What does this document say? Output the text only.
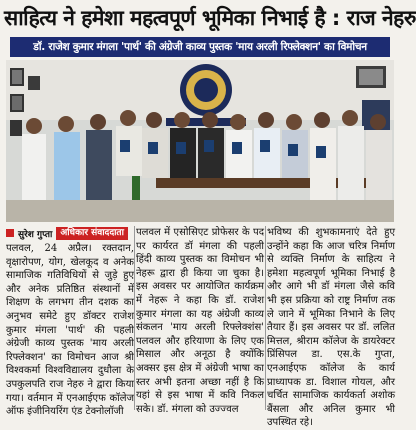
साहित्य ने हमेशा महत्वपूर्ण भूमिका निभाई है : राज नेहरु
डॉ. राजेश कुमार मंगला 'पार्थ' की अंग्रेजी काव्य पुस्तक 'माय अरली रिफ्लेक्शन' का विमोचन
सुरेश गुप्ता अधिकार संवाददाता

पलवल, 24 अप्रैल। रक्तदान, वृक्षारोपण, योग, खेलकूद व अनेक सामाजिक गतिविधियों से जुड़े हुए और अनेक प्रतिष्ठित संस्थानों में शिक्षण के लगभग तीन दशक का अनुभव समेटे हुए डॉक्टर राजेश कुमार मंगला 'पार्थ' की पहली अंग्रेजी काव्य पुस्तक 'माय अरली रिफ्लेक्शन' का विमोचन आज श्री विश्वकर्मा विश्वविद्यालय दुधौला के उपकुलपति राज नेहरु ने द्वारा किया गया। वर्तमान में एनआईएफ कॉलेज ऑफ इंजीनियरिंग एंड टेक्नोलॉजी

पलवल में एसोसिएट प्रोफेसर के पद पर कार्यरत डॉ मंगला की पहली हिंदी काव्य पुस्तक का विमोचन भी नेहरू द्वारा ही किया जा चुका है। इस अवसर पर आयोजित कार्यक्रम में नेहरू ने कहा कि डॉ. राजेश कुमार मंगला का यह अंग्रेजी काव्य संकलन 'माय अरली रिफ्लेक्शंस' पलवल और हरियाणा के लिए एक मिसाल और अनूठा है क्योंकि अक्सर इस क्षेत्र में अंग्रेजी भाषा का स्तर अभी इतना अच्छा नहीं है कि यहां से इस भाषा में कवि निकल सके। डॉ. मंगला को उज्ज्वल

भविष्य की शुभकामनाएं देते हुए उन्होंने कहा कि आज चरित्र निर्माण से व्यक्ति निर्माण के साहित्य ने हमेशा महत्वपूर्ण भूमिका निभाई है और आगे भी डॉ मंगला जैसे कवि भी इस प्रक्रिया को राष्ट्र निर्माण तक ले जाने में भूमिका निभाने के लिए तैयार हैं। इस अवसर पर डॉ. ललित मित्तल, श्रीराम कॉलेज के डायरेक्टर प्रिंसिपल डा. एस.के गुप्ता, एनआईएफ कॉलेज के कार्य प्राध्यापक डा. विशाल गोयल, और चर्चित सामाजिक कार्यकर्ता अशोक बैंसला और अनिल कुमार भी उपस्थित रहे।
